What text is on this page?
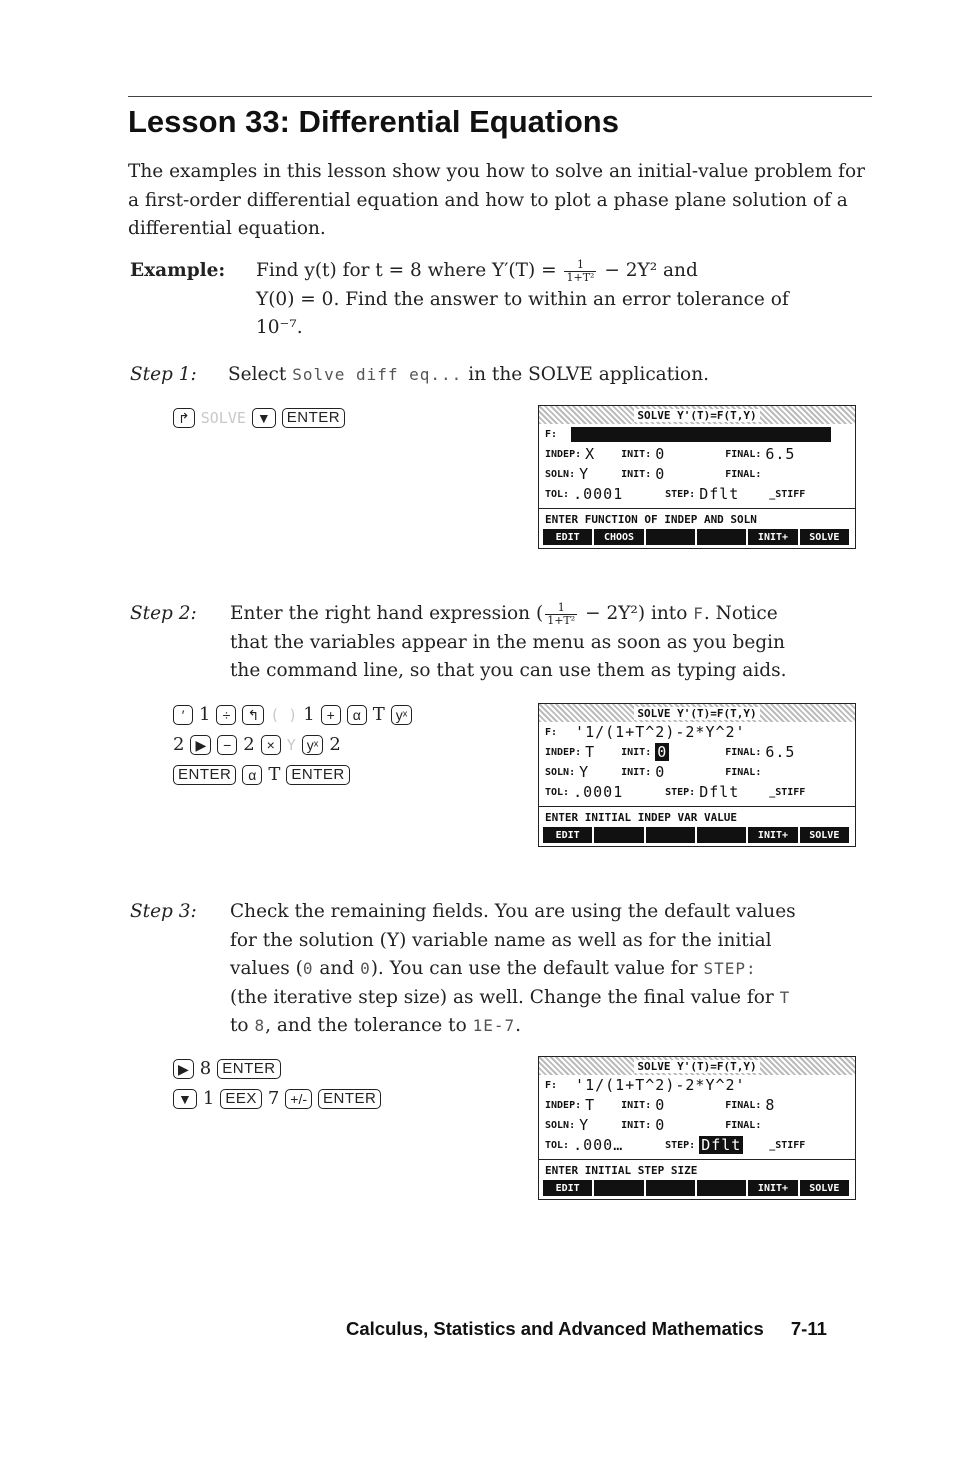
Lesson 33: Differential Equations
The examples in this lesson show you how to solve an initial-value problem for a first-order differential equation and how to plot a phase plane solution of a differential equation.
Example: Find y(t) for t = 8 where $Y'(T) = \frac{1}{\text{1+T²}} - 2Y^2$ and
Y(0) = 0. Find the answer to within an error tolerance of
10⁻⁷.
Step 1: Select Solve diff eq... in the SOLVE application.
↱ SOLVE ▼	ENTER	SOLVE Y'(T)=F(T,Y)
F:
INDEP: X	INIT: 0	FINAL: 6.5
SOLN: Y	INIT: 0	FINAL:
TOL: .0001	STEP: Dflt	_STIFF
ENTER FUNCTION OF INDEP AND SOLN
EDIT	CHOOS	INIT+	SOLVE
Step 2: Enter the right hand expression ( $\frac{1}{\text{1+T²}} - 2Y^2$) into F. Notice
that the variables appear in the menu as soon as you begin
the command line, so that you can use them as typing aids.
′ 1 ÷	↰ ( ) 1 +	α T yˣ
2 ▶	− 2 × Y yˣ 2
ENTER	α T ENTER
SOLVE Y'(T)=F(T,Y)
F: '1/(1+T^2)-2*Y^2'
INDEP: T	INIT: 0	FINAL: 6.5
SOLN: Y	INIT: 0	FINAL:
TOL: .0001	STEP: Dflt	_STIFF
ENTER INITIAL INDEP VAR VALUE
EDIT	INIT+	SOLVE
Step 3: Check the remaining fields. You are using the default values
for the solution (Y) variable name as well as for the initial
values (0 and 0). You can use the default value for STEP:
(the iterative step size) as well. Change the final value for T
to 8, and the tolerance to 1E-7.
▶ 8 ENTER
▼ 1 EEX 7 +/-	ENTER
SOLVE Y'(T)=F(T,Y)
F: '1/(1+T^2)-2*Y^2'
INDEP: T	INIT: 0	FINAL: 8
SOLN: Y	INIT: 0	FINAL:
TOL: .000…	STEP: Dflt	_STIFF
ENTER INITIAL STEP SIZE
EDIT	INIT+	SOLVE
Calculus, Statistics and Advanced Mathematics 7-11
